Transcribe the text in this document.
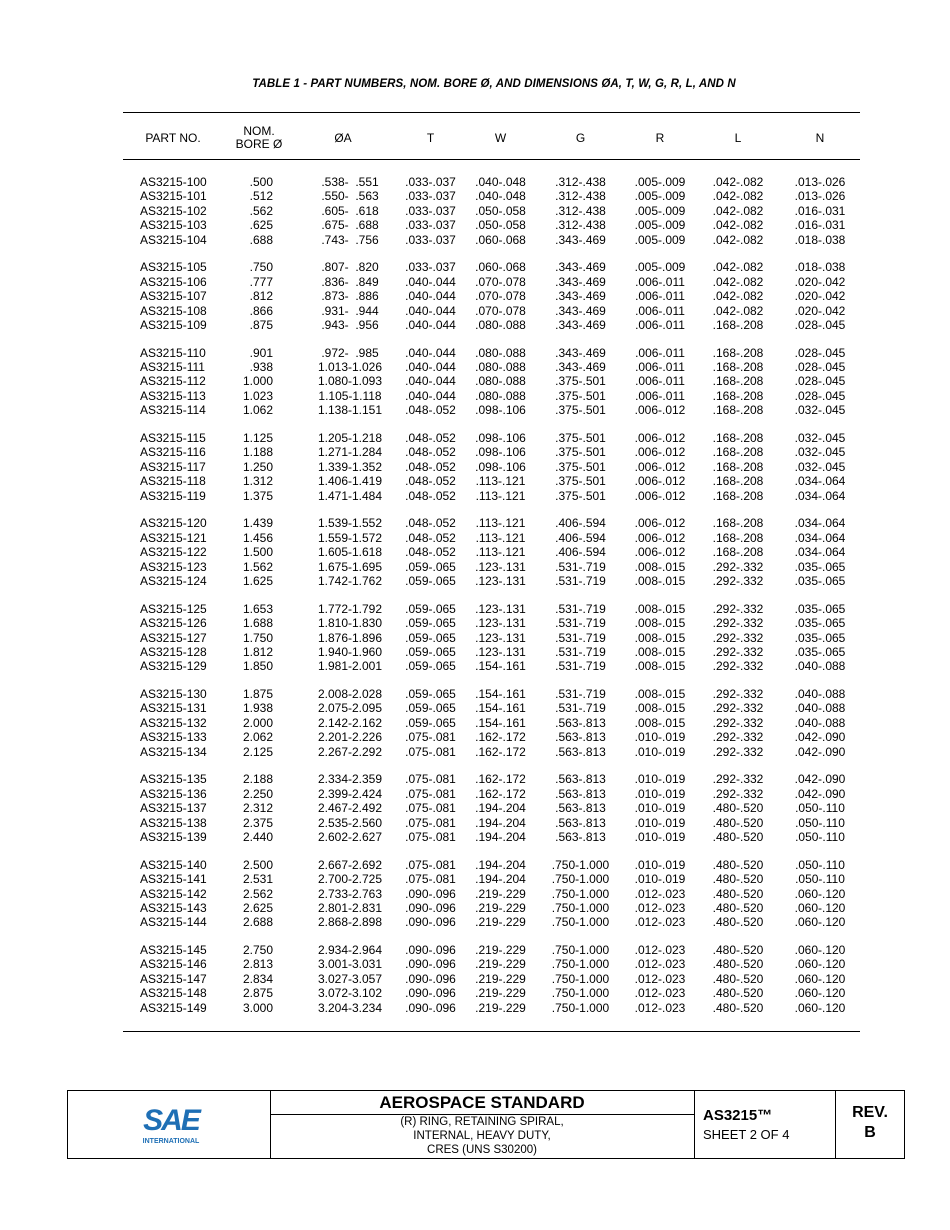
TABLE 1 - PART NUMBERS, NOM. BORE Ø, AND DIMENSIONS ØA, T, W, G, R, L, AND N
PART NO.	NOM.
BORE Ø	ØA	T	W	G	R	L	N
AS3215-100	.500	.538-  .551	.033-.037	.040-.048	.312-.438	.005-.009	.042-.082	.013-.026
AS3215-101	.512	.550-  .563	.033-.037	.040-.048	.312-.438	.005-.009	.042-.082	.013-.026
AS3215-102	.562	.605-  .618	.033-.037	.050-.058	.312-.438	.005-.009	.042-.082	.016-.031
AS3215-103	.625	.675-  .688	.033-.037	.050-.058	.312-.438	.005-.009	.042-.082	.016-.031
AS3215-104	.688	.743-  .756	.033-.037	.060-.068	.343-.469	.005-.009	.042-.082	.018-.038
AS3215-105	.750	.807-  .820	.033-.037	.060-.068	.343-.469	.005-.009	.042-.082	.018-.038
AS3215-106	.777	.836-  .849	.040-.044	.070-.078	.343-.469	.006-.011	.042-.082	.020-.042
AS3215-107	.812	.873-  .886	.040-.044	.070-.078	.343-.469	.006-.011	.042-.082	.020-.042
AS3215-108	.866	.931-  .944	.040-.044	.070-.078	.343-.469	.006-.011	.042-.082	.020-.042
AS3215-109	.875	.943-  .956	.040-.044	.080-.088	.343-.469	.006-.011	.168-.208	.028-.045
AS3215-110	.901	.972-  .985	.040-.044	.080-.088	.343-.469	.006-.011	.168-.208	.028-.045
AS3215-111	.938	1.013-1.026	.040-.044	.080-.088	.343-.469	.006-.011	.168-.208	.028-.045
AS3215-112	1.000	1.080-1.093	.040-.044	.080-.088	.375-.501	.006-.011	.168-.208	.028-.045
AS3215-113	1.023	1.105-1.118	.040-.044	.080-.088	.375-.501	.006-.011	.168-.208	.028-.045
AS3215-114	1.062	1.138-1.151	.048-.052	.098-.106	.375-.501	.006-.012	.168-.208	.032-.045
AS3215-115	1.125	1.205-1.218	.048-.052	.098-.106	.375-.501	.006-.012	.168-.208	.032-.045
AS3215-116	1.188	1.271-1.284	.048-.052	.098-.106	.375-.501	.006-.012	.168-.208	.032-.045
AS3215-117	1.250	1.339-1.352	.048-.052	.098-.106	.375-.501	.006-.012	.168-.208	.032-.045
AS3215-118	1.312	1.406-1.419	.048-.052	.113-.121	.375-.501	.006-.012	.168-.208	.034-.064
AS3215-119	1.375	1.471-1.484	.048-.052	.113-.121	.375-.501	.006-.012	.168-.208	.034-.064
AS3215-120	1.439	1.539-1.552	.048-.052	.113-.121	.406-.594	.006-.012	.168-.208	.034-.064
AS3215-121	1.456	1.559-1.572	.048-.052	.113-.121	.406-.594	.006-.012	.168-.208	.034-.064
AS3215-122	1.500	1.605-1.618	.048-.052	.113-.121	.406-.594	.006-.012	.168-.208	.034-.064
AS3215-123	1.562	1.675-1.695	.059-.065	.123-.131	.531-.719	.008-.015	.292-.332	.035-.065
AS3215-124	1.625	1.742-1.762	.059-.065	.123-.131	.531-.719	.008-.015	.292-.332	.035-.065
AS3215-125	1.653	1.772-1.792	.059-.065	.123-.131	.531-.719	.008-.015	.292-.332	.035-.065
AS3215-126	1.688	1.810-1.830	.059-.065	.123-.131	.531-.719	.008-.015	.292-.332	.035-.065
AS3215-127	1.750	1.876-1.896	.059-.065	.123-.131	.531-.719	.008-.015	.292-.332	.035-.065
AS3215-128	1.812	1.940-1.960	.059-.065	.123-.131	.531-.719	.008-.015	.292-.332	.035-.065
AS3215-129	1.850	1.981-2.001	.059-.065	.154-.161	.531-.719	.008-.015	.292-.332	.040-.088
AS3215-130	1.875	2.008-2.028	.059-.065	.154-.161	.531-.719	.008-.015	.292-.332	.040-.088
AS3215-131	1.938	2.075-2.095	.059-.065	.154-.161	.531-.719	.008-.015	.292-.332	.040-.088
AS3215-132	2.000	2.142-2.162	.059-.065	.154-.161	.563-.813	.008-.015	.292-.332	.040-.088
AS3215-133	2.062	2.201-2.226	.075-.081	.162-.172	.563-.813	.010-.019	.292-.332	.042-.090
AS3215-134	2.125	2.267-2.292	.075-.081	.162-.172	.563-.813	.010-.019	.292-.332	.042-.090
AS3215-135	2.188	2.334-2.359	.075-.081	.162-.172	.563-.813	.010-.019	.292-.332	.042-.090
AS3215-136	2.250	2.399-2.424	.075-.081	.162-.172	.563-.813	.010-.019	.292-.332	.042-.090
AS3215-137	2.312	2.467-2.492	.075-.081	.194-.204	.563-.813	.010-.019	.480-.520	.050-.110
AS3215-138	2.375	2.535-2.560	.075-.081	.194-.204	.563-.813	.010-.019	.480-.520	.050-.110
AS3215-139	2.440	2.602-2.627	.075-.081	.194-.204	.563-.813	.010-.019	.480-.520	.050-.110
AS3215-140	2.500	2.667-2.692	.075-.081	.194-.204	.750-1.000	.010-.019	.480-.520	.050-.110
AS3215-141	2.531	2.700-2.725	.075-.081	.194-.204	.750-1.000	.010-.019	.480-.520	.050-.110
AS3215-142	2.562	2.733-2.763	.090-.096	.219-.229	.750-1.000	.012-.023	.480-.520	.060-.120
AS3215-143	2.625	2.801-2.831	.090-.096	.219-.229	.750-1.000	.012-.023	.480-.520	.060-.120
AS3215-144	2.688	2.868-2.898	.090-.096	.219-.229	.750-1.000	.012-.023	.480-.520	.060-.120
AS3215-145	2.750	2.934-2.964	.090-.096	.219-.229	.750-1.000	.012-.023	.480-.520	.060-.120
AS3215-146	2.813	3.001-3.031	.090-.096	.219-.229	.750-1.000	.012-.023	.480-.520	.060-.120
AS3215-147	2.834	3.027-3.057	.090-.096	.219-.229	.750-1.000	.012-.023	.480-.520	.060-.120
AS3215-148	2.875	3.072-3.102	.090-.096	.219-.229	.750-1.000	.012-.023	.480-.520	.060-.120
AS3215-149	3.000	3.204-3.234	.090-.096	.219-.229	.750-1.000	.012-.023	.480-.520	.060-.120
SAE
INTERNATIONAL
AEROSPACE STANDARD
(R) RING, RETAINING SPIRAL,
INTERNAL, HEAVY DUTY,
CRES (UNS S30200)
AS3215™
SHEET 2 OF 4
REV.
B
